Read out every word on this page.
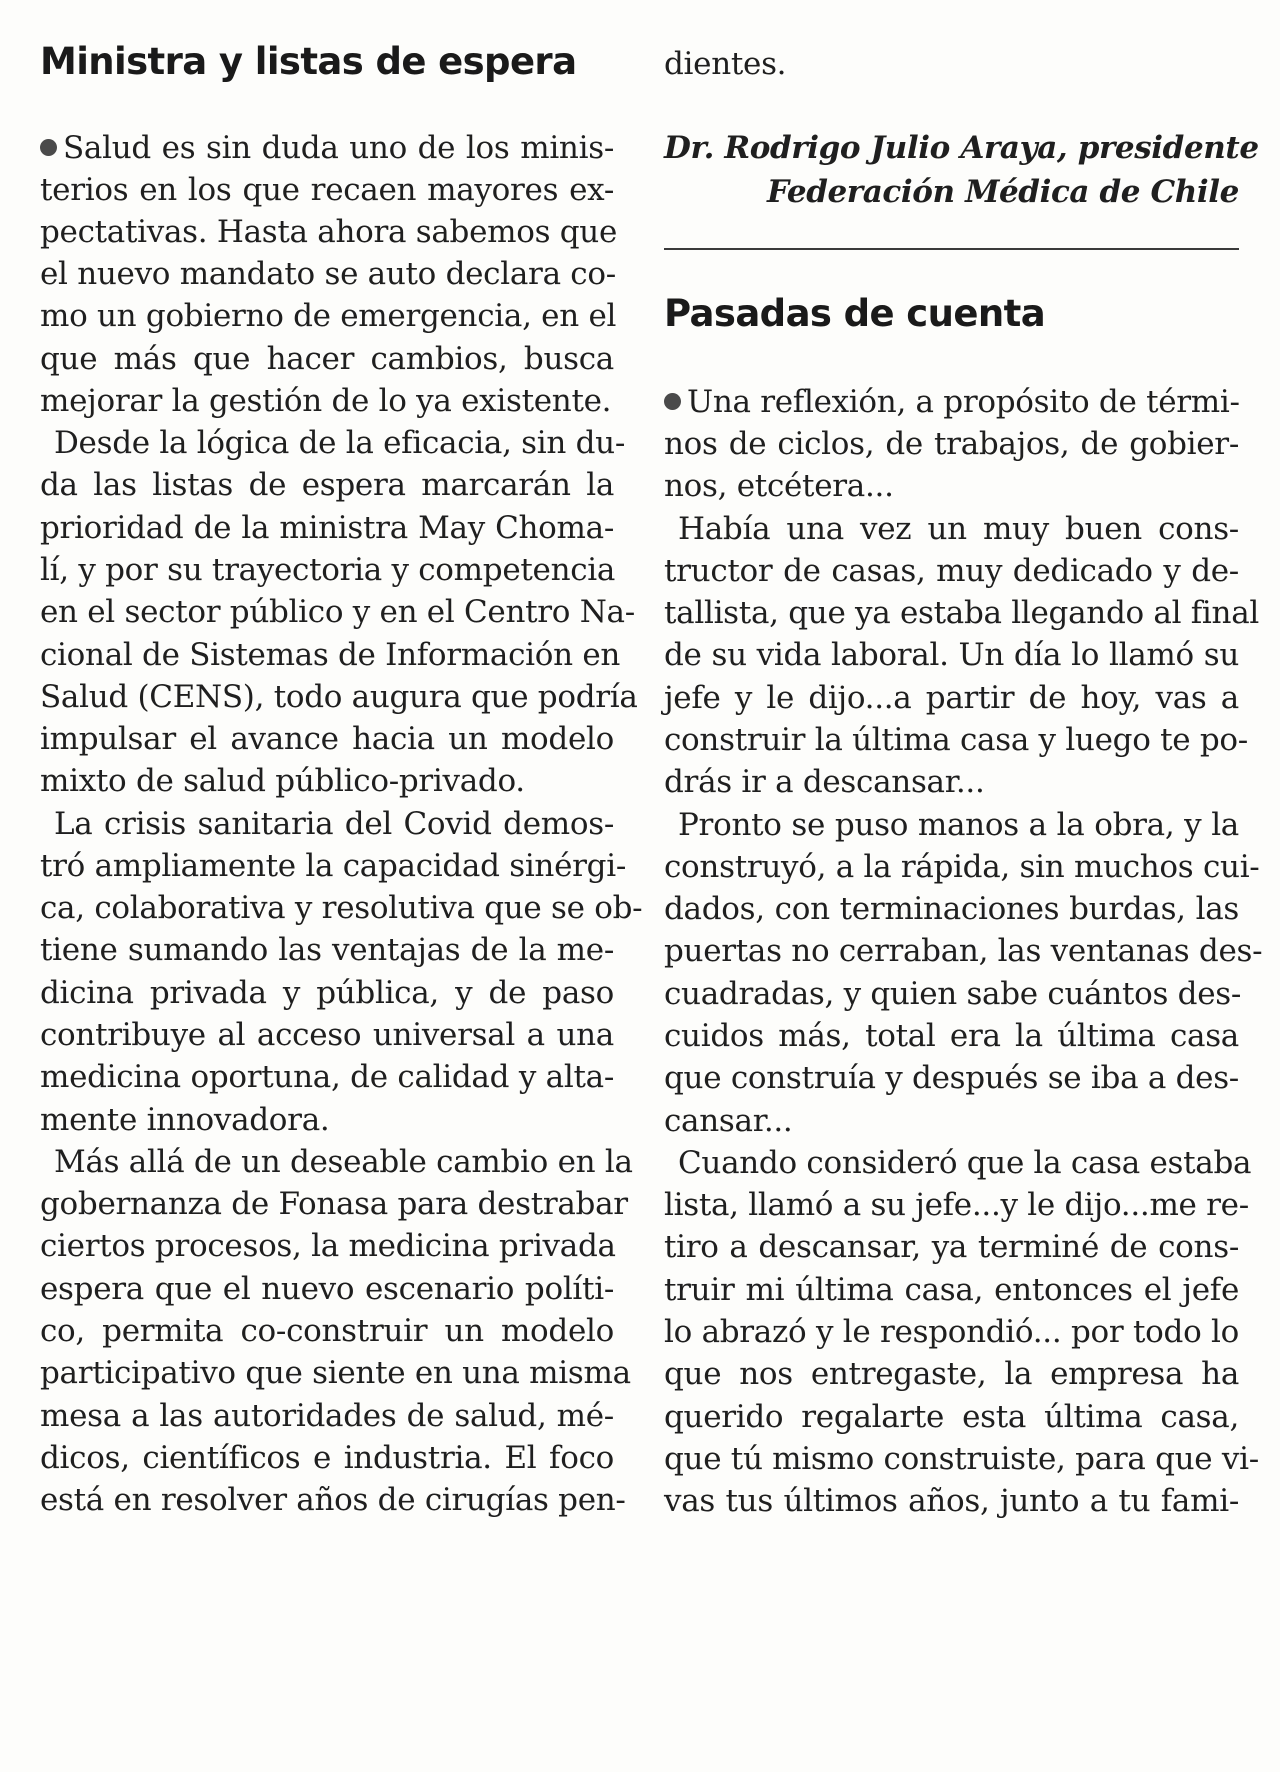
Ministra y listas de espera
Salud es sin duda uno de los minis-
terios en los que recaen mayores ex-
pectativas. Hasta ahora sabemos que
el nuevo mandato se auto declara co-
mo un gobierno de emergencia, en el
que más que hacer cambios, busca
mejorar la gestión de lo ya existente.
Desde la lógica de la eficacia, sin du-
da las listas de espera marcarán la
prioridad de la ministra May Choma-
lí, y por su trayectoria y competencia
en el sector público y en el Centro Na-
cional de Sistemas de Información en
Salud (CENS), todo augura que podría
impulsar el avance hacia un modelo
mixto de salud público-privado.
La crisis sanitaria del Covid demos-
tró ampliamente la capacidad sinérgi-
ca, colaborativa y resolutiva que se ob-
tiene sumando las ventajas de la me-
dicina privada y pública, y de paso
contribuye al acceso universal a una
medicina oportuna, de calidad y alta-
mente innovadora.
Más allá de un deseable cambio en la
gobernanza de Fonasa para destrabar
ciertos procesos, la medicina privada
espera que el nuevo escenario políti-
co, permita co-construir un modelo
participativo que siente en una misma
mesa a las autoridades de salud, mé-
dicos, científicos e industria. El foco
está en resolver años de cirugías pen-
dientes.
Dr. Rodrigo Julio Araya, presidente
Federación Médica de Chile
Pasadas de cuenta
Una reflexión, a propósito de térmi-
nos de ciclos, de trabajos, de gobier-
nos, etcétera...
Había una vez un muy buen cons-
tructor de casas, muy dedicado y de-
tallista, que ya estaba llegando al final
de su vida laboral. Un día lo llamó su
jefe y le dijo...a partir de hoy, vas a
construir la última casa y luego te po-
drás ir a descansar...
Pronto se puso manos a la obra, y la
construyó, a la rápida, sin muchos cui-
dados, con terminaciones burdas, las
puertas no cerraban, las ventanas des-
cuadradas, y quien sabe cuántos des-
cuidos más, total era la última casa
que construía y después se iba a des-
cansar...
Cuando consideró que la casa estaba
lista, llamó a su jefe...y le dijo...me re-
tiro a descansar, ya terminé de cons-
truir mi última casa, entonces el jefe
lo abrazó y le respondió... por todo lo
que nos entregaste, la empresa ha
querido regalarte esta última casa,
que tú mismo construiste, para que vi-
vas tus últimos años, junto a tu fami-
